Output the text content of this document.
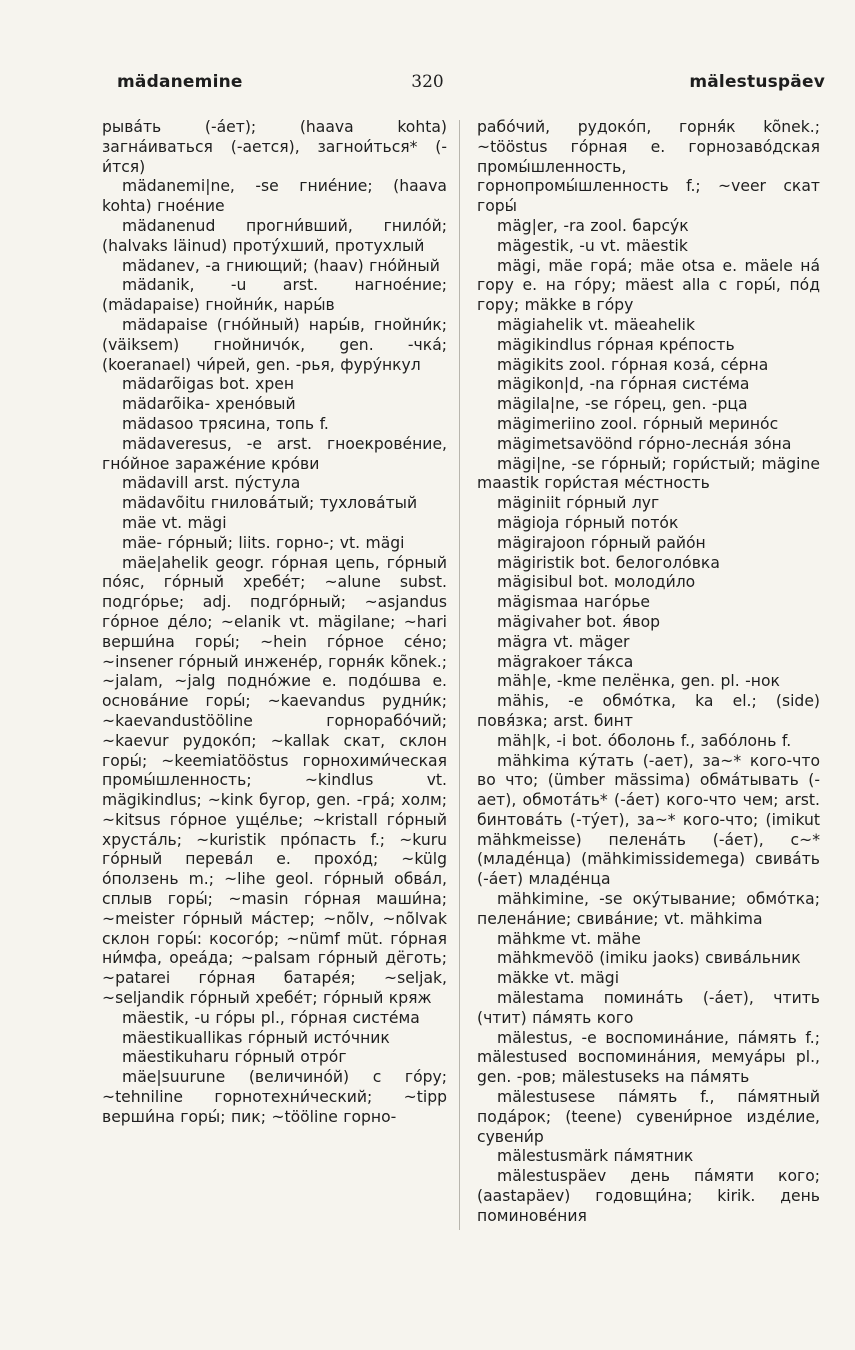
mädanemine	320	mälestuspäev

рыва́ть (-а́ет); (haava kohta) загна́иваться (-ается), загнои́ться* (-и́тся)

mädanemi|ne, -se гние́ние; (haava kohta) гное́ние

mädanenud прогни́вший, гнило́й; (halvaks läinud) проту́хший, протухлый

mädanev, -a гниющий; (haav) гно́йный

mädanik, -u arst. нагное́ние; (mädapaise) гнойни́к, нары́в

mädapaise (гно́йный) нары́в, гнойни́к; (väiksem) гнойничо́к, gen. -чка́; (koeranael) чи́рей, gen. -рья, фуру́нкул

mädarõigas bot. хрен

mädarõika- хрено́вый

mädasoo трясина, топь f.

mädaveresus, -e arst. гноекрове́ние, гно́йное зараже́ние кро́ви

mädavill arst. пу́стула

mädavõitu гнилова́тый; тухлова́тый

mäe vt. mägi

mäe- го́рный; liits. горно-; vt. mägi

mäe|ahelik geogr. го́рная цепь, го́рный по́яс, го́рный хребе́т; ~alune subst. подго́рье; adj. подго́рный; ~asjandus го́рное де́ло; ~elanik vt. mägilane; ~hari верши́на горы́; ~hein го́рное се́но; ~insener го́рный инжене́р, горня́к kõnek.; ~jalam, ~jalg подно́жие e. подо́шва e. основа́ние горы́; ~kaevandus рудни́к; ~kaevandustööline горнорабо́чий; ~kaevur рудоко́п; ~kallak скат, склон горы́; ~keemiatööstus горнохими́ческая промы́шленность; ~kindlus vt. mägikindlus; ~kink бугор, gen. -гра́; холм; ~kitsus го́рное уще́лье; ~kristall го́рный хруста́ль; ~kuristik про́пасть f.; ~kuru го́рный перева́л e. прохо́д; ~külg о́ползень m.; ~lihe geol. го́рный обва́л, сплыв горы́; ~masin го́рная маши́на; ~meister го́рный ма́стер; ~nõlv, ~nõlvak склон горы́: косого́р; ~nümf müt. го́рная ни́мфа, ореа́да; ~palsam го́рный дёготь; ~patarei го́рная батаре́я; ~seljak, ~seljandik го́рный хребе́т; го́рный кряж

mäestik, -u го́ры pl., го́рная систе́ма

mäestikuallikas го́рный исто́чник

mäestikuharu го́рный отро́г

mäe|suurune (величино́й) с го́ру; ~tehniline горнотехни́ческий; ~tipp верши́на горы́; пик; ~tööline горно-

рабо́чий, рудоко́п, горня́к kõnek.; ~tööstus го́рная e. горнозаво́дская промы́шленность, горнопромы́шленность f.; ~veer скат горы́

mäg|er, -ra zool. барсу́к

mägestik, -u vt. mäestik

mägi, mäe гора́; mäe otsa e. mäele на́ гору e. на го́ру; mäest alla с горы́, по́д гору; mäkke в го́ру

mägiahelik vt. mäeahelik

mägikindlus го́рная кре́пость

mägikits zool. го́рная коза́, се́рна

mägikon|d, -na го́рная систе́ма

mägila|ne, -se го́рец, gen. -рца

mägimeriino zool. го́рный мерино́с

mägimetsavöönd го́рно-лесна́я зо́на

mägi|ne, -se го́рный; гори́стый; mägine maastik гори́стая ме́стность

mäginiit го́рный луг

mägioja го́рный пото́к

mägirajoon го́рный райо́н

mägiristik bot. белоголо́вка

mägisibul bot. молоди́ло

mägismaa наго́рье

mägivaher bot. я́вор

mägra vt. mäger

mägrakoer та́кса

mäh|e, -kme пелёнка, gen. pl. -нок

mähis, -e обмо́тка, ka el.; (side) повя́зка; arst. бинт

mäh|k, -i bot. о́болонь f., забо́лонь f.

mähkima ку́тать (-ает), за~* кого-что во что; (ümber mässima) обма́тывать (-ает), обмота́ть* (-а́ет) кого-что чем; arst. бинтова́ть (-ту́ет), за~* кого-что; (imikut mähkmeisse) пелена́ть (-а́ет), с~* (младе́нца) (mähkimissidemega) свива́ть (-а́ет) младе́нца

mähkimine, -se оку́тывание; обмо́тка; пелена́ние; свива́ние; vt. mähkima

mähkme vt. mähe

mähkmevöö (imiku jaoks) свива́льник

mäkke vt. mägi

mälestama помина́ть (-а́ет), чтить (чтит) па́мять кого

mälestus, -e воспомина́ние, па́мять f.; mälestused воспомина́ния, мемуа́ры pl., gen. -ров; mälestuseks на па́мять

mälestusese па́мять f., па́мятный пода́рок; (teene) сувени́рное изде́лие, сувени́р

mälestusmärk па́мятник

mälestuspäev день па́мяти кого; (aastapäev) годовщи́на; kirik. день поминове́ния
